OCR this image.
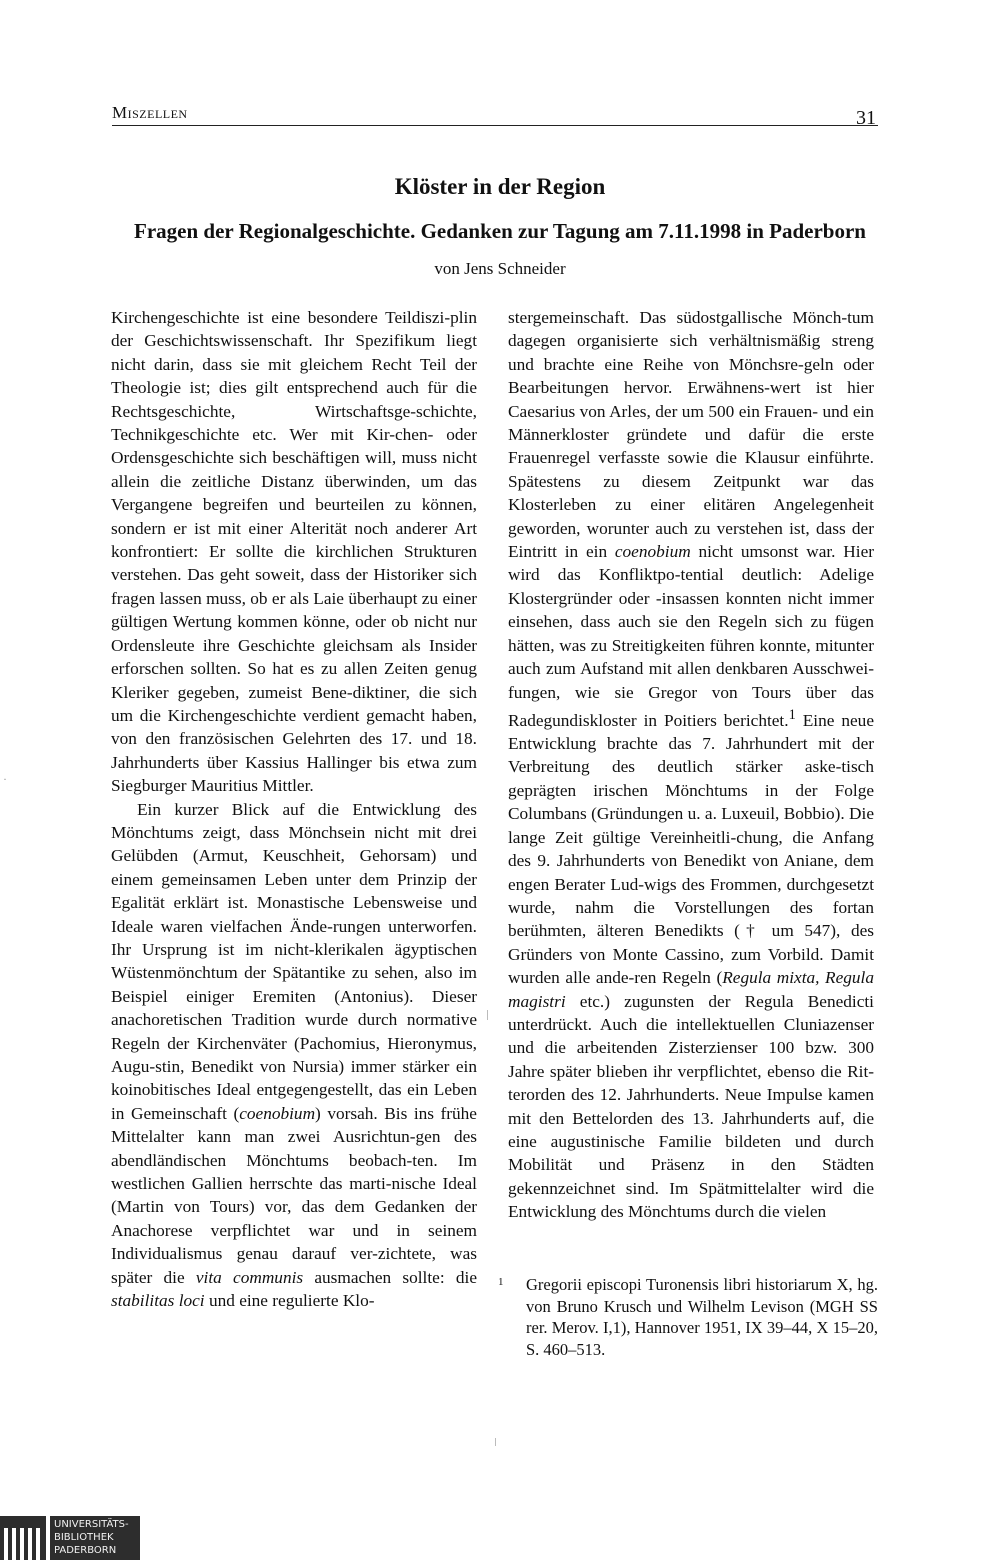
Miszellen	31
Klöster in der Region
Fragen der Regionalgeschichte. Gedanken zur Tagung am 7.11.1998 in Paderborn
von Jens Schneider

Kirchengeschichte ist eine besondere Teildiszi-plin der Geschichtswissenschaft. Ihr Spezifikum liegt nicht darin, dass sie mit gleichem Recht Teil der Theologie ist; dies gilt entsprechend auch für die Rechtsgeschichte, Wirtschaftsge-schichte, Technikgeschichte etc. Wer mit Kir-chen- oder Ordensgeschichte sich beschäftigen will, muss nicht allein die zeitliche Distanz überwinden, um das Vergangene begreifen und beurteilen zu können, sondern er ist mit einer Alterität noch anderer Art konfrontiert: Er sollte die kirchlichen Strukturen verstehen. Das geht soweit, dass der Historiker sich fragen lassen muss, ob er als Laie überhaupt zu einer gültigen Wertung kommen könne, oder ob nicht nur Ordensleute ihre Geschichte gleichsam als Insider erforschen sollten. So hat es zu allen Zeiten genug Kleriker gegeben, zumeist Bene-diktiner, die sich um die Kirchengeschichte verdient gemacht haben, von den französischen Gelehrten des 17. und 18. Jahrhunderts über Kassius Hallinger bis etwa zum Siegburger Mauritius Mittler.

Ein kurzer Blick auf die Entwicklung des Mönchtums zeigt, dass Mönchsein nicht mit drei Gelübden (Armut, Keuschheit, Gehorsam) und einem gemeinsamen Leben unter dem Prinzip der Egalität erklärt ist. Monastische Lebensweise und Ideale waren vielfachen Ände-rungen unterworfen. Ihr Ursprung ist im nicht-klerikalen ägyptischen Wüstenmönchtum der Spätantike zu sehen, also im Beispiel einiger Eremiten (Antonius). Dieser anachoretischen Tradition wurde durch normative Regeln der Kirchenväter (Pachomius, Hieronymus, Augu-stin, Benedikt von Nursia) immer stärker ein koinobitisches Ideal entgegengestellt, das ein Leben in Gemeinschaft (coenobium) vorsah. Bis ins frühe Mittelalter kann man zwei Ausrichtun-gen des abendländischen Mönchtums beobach-ten. Im westlichen Gallien herrschte das marti-nische Ideal (Martin von Tours) vor, das dem Gedanken der Anachorese verpflichtet war und in seinem Individualismus genau darauf ver-zichtete, was später die vita communis ausmachen sollte: die stabilitas loci und eine regulierte Klo-

stergemeinschaft. Das südostgallische Mönch-tum dagegen organisierte sich verhältnismäßig streng und brachte eine Reihe von Mönchsre-geln oder Bearbeitungen hervor. Erwähnens-wert ist hier Caesarius von Arles, der um 500 ein Frauen- und ein Männerkloster gründete und dafür die erste Frauenregel verfasste sowie die Klausur einführte. Spätestens zu diesem Zeitpunkt war das Klosterleben zu einer elitären Angelegenheit geworden, worunter auch zu verstehen ist, dass der Eintritt in ein coenobium nicht umsonst war. Hier wird das Konfliktpo-tential deutlich: Adelige Klostergründer oder -insassen konnten nicht immer einsehen, dass auch sie den Regeln sich zu fügen hätten, was zu Streitigkeiten führen konnte, mitunter auch zum Aufstand mit allen denkbaren Ausschwei-fungen, wie sie Gregor von Tours über das Radegundiskloster in Poitiers berichtet.$^1$ Eine neue Entwicklung brachte das 7. Jahrhundert mit der Verbreitung des deutlich stärker aske-tisch geprägten irischen Mönchtums in der Folge Columbans (Gründungen u. a. Luxeuil, Bobbio). Die lange Zeit gültige Vereinheitli-chung, die Anfang des 9. Jahrhunderts von Benedikt von Aniane, dem engen Berater Lud-wigs des Frommen, durchgesetzt wurde, nahm die Vorstellungen des fortan berühmten, älteren Benedikts († um 547), des Gründers von Monte Cassino, zum Vorbild. Damit wurden alle ande-ren Regeln (Regula mixta, Regula magistri etc.) zugunsten der Regula Benedicti unterdrückt. Auch die intellektuellen Cluniazenser und die arbeitenden Zisterzienser 100 bzw. 300 Jahre später blieben ihr verpflichtet, ebenso die Rit-terorden des 12. Jahrhunderts. Neue Impulse kamen mit den Bettelorden des 13. Jahrhunderts auf, die eine augustinische Familie bildeten und durch Mobilität und Präsenz in den Städten gekennzeichnet sind. Im Spätmittelalter wird die Entwicklung des Mönchtums durch die vielen

1 Gregorii episcopi Turonensis libri historiarum X, hg. von Bruno Krusch und Wilhelm Levison (MGH SS rer. Merov. I,1), Hannover 1951, IX 39–44, X 15–20, S. 460–513.
·
UNIVERSITÄTS-
BIBLIOTHEK
PADERBORN
